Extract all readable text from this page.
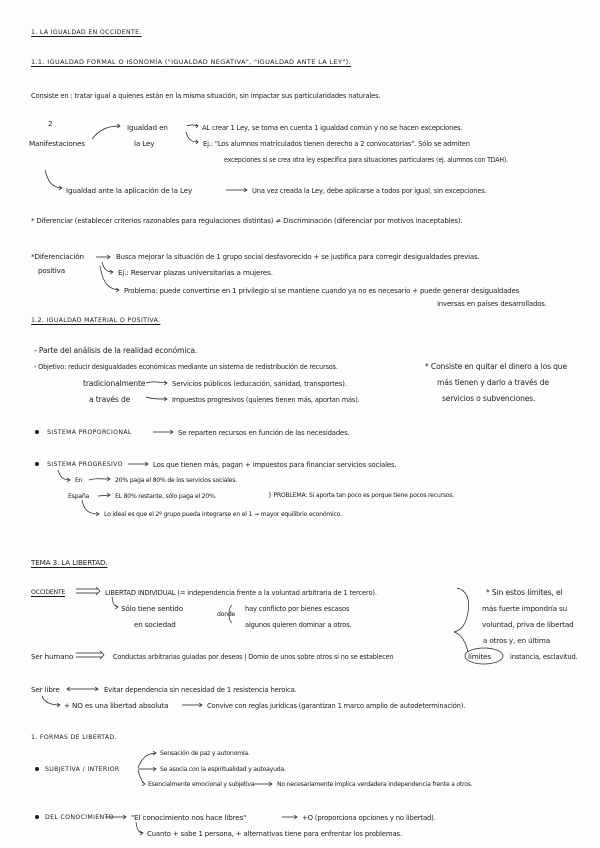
1. LA IGUALDAD EN OCCIDENTE.
1.1. IGUALDAD FORMAL O ISONOMÍA ("IGUALDAD NEGATIVA", "IGUALDAD ANTE LA LEY").
Consiste en : tratar igual a quienes están en la misma situación, sin impactar sus particularidades naturales.
2
Manifestaciones
Igualdad en
la Ley
AL crear 1 Ley, se toma en cuenta 1 igualdad común y no se hacen excepciones.
Ej.: "Los alumnos matriculados tienen derecho a 2 convocatorias". Sólo se admiten
excepciones si se crea otra ley específica para situaciones particulares (ej. alumnos con TDAH).
Igualdad ante la aplicación de la Ley	Una vez creada la Ley, debe aplicarse a todos por igual, sin excepciones.
* Diferenciar (establecer criterios razonables para regulaciones distintas) ≠ Discriminación (diferenciar por motivos inaceptables).
*Diferenciación
positiva
Busca mejorar la situación de 1 grupo social desfavorecido + se justifica para corregir desigualdades previas.
Ej.: Reservar plazas universitarias a mujeres.
Problema: puede convertirse en 1 privilegio si se mantiene cuando ya no es necesario + puede generar desigualdades
inversas en países desarrollados.
1.2. IGUALDAD MATERIAL O POSITIVA.
- Parte del análisis de la realidad económica.
- Objetivo: reducir desigualdades económicas mediante un sistema de redistribución de recursos.	* Consiste en quitar el dinero a los que
más tienen y darlo a través de
servicios o subvenciones.
tradicionalmente
a través de
Servicios públicos (educación, sanidad, transportes).
Impuestos progresivos (quienes tienen más, aportan más).
SISTEMA PROPORCIONAL	Se reparten recursos en función de las necesidades.
SISTEMA PROGRESIVO	Los que tienen más, pagan + impuestos para financiar servicios sociales.
En
España
20% paga el 80% de los servicios sociales.
EL 80% restante, sólo paga el 20%.	} PROBLEMA: Si aporta tan poco es porque tiene pocos recursos.
Lo ideal es que el 2º grupo pueda integrarse en el 1 → mayor equilibrio económico.
TEMA 3. LA LIBERTAD.
OCCIDENTE	LIBERTAD INDIVIDUAL (= independencia frente a la voluntad arbitraria de 1 tercero).
Sólo tiene sentido
en sociedad
donde
hay conflicto por bienes escasos
algunos quieren dominar a otros.
* Sin estos límites, el
más fuerte impondría su
voluntad, priva de libertad
a otros y, en última
instancia, esclavitud.
Ser humano	Conductas arbitrarias guiadas por deseos | Domio de unos sobre otros si no se establecen	límites
Ser libre	Evitar dependencia sin necesidad de 1 resistencia heroica.
+ NO es una libertad absoluta	Convive con reglas jurídicas (garantizan 1 marco amplio de autodeterminación).
1. FORMAS DE LIBERTAD.
SUBJETIVA / INTERIOR
Sensación de paz y autonomía.
Se asocia con la espiritualidad y autoayuda.
Esencialmente emocional y subjetiva	No necesariamente implica verdadera independencia frente a otros.
DEL CONOCIMIENTO "El conocimiento nos hace libres"	+O (proporciona opciones y no libertad).
Cuanto + sabe 1 persona, + alternativas tiene para enfrentar los problemas.
